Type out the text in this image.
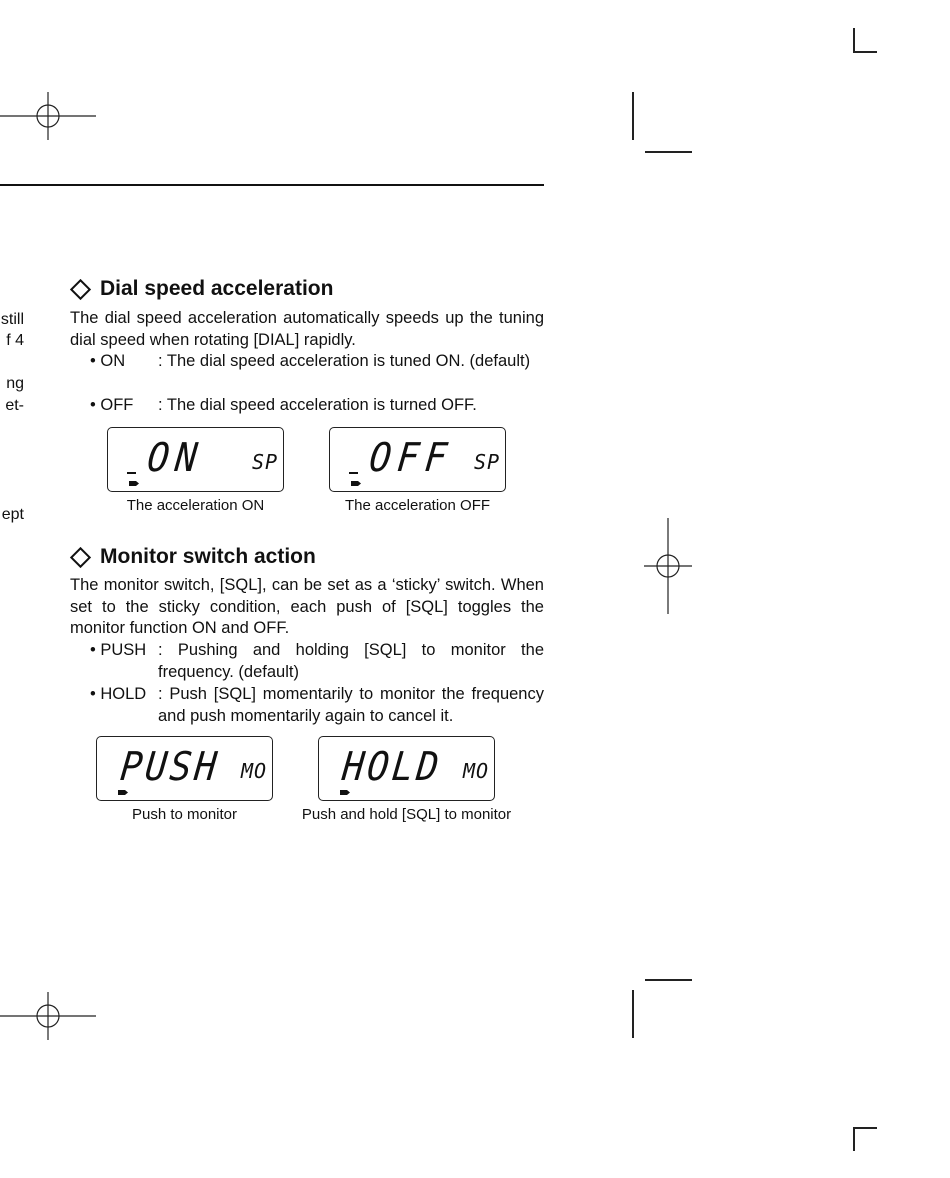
still
f 4
ng
et-
ept
Dial speed acceleration

The dial speed acceleration automatically speeds up the tuning dial speed when rotating [DIAL] rapidly.

• ON	: The dial speed acceleration is tuned ON. (default)
• OFF	: The dial speed acceleration is turned OFF.
ON SP
The acceleration ON
OFF SP
The acceleration OFF
Monitor switch action

The monitor switch, [SQL], can be set as a ‘sticky’ switch. When set to the sticky condition, each push of [SQL] toggles the monitor function ON and OFF.

• PUSH : Pushing and holding [SQL] to monitor the frequency. (default)
• HOLD : Push [SQL] momentarily to monitor the frequency and push momentarily again to cancel it.
PUSH MO
Push to monitor
HOLD MO
Push and hold [SQL] to monitor
